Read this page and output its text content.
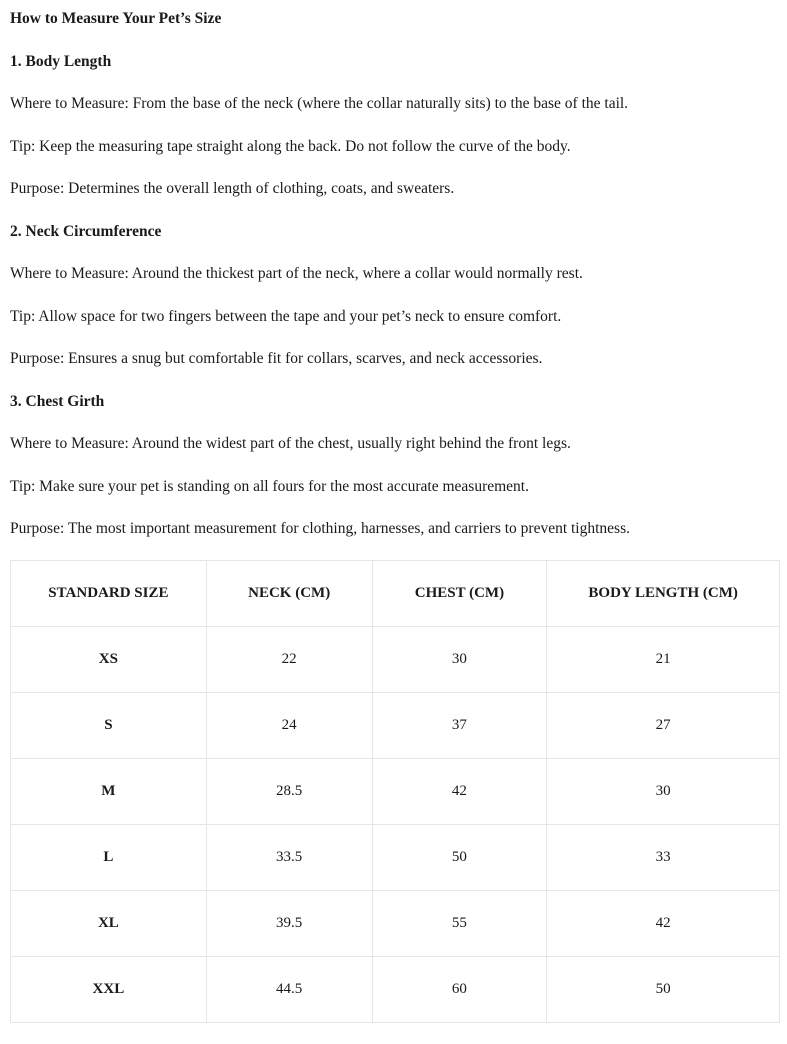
How to Measure Your Pet’s Size
1. Body Length
Where to Measure: From the base of the neck (where the collar naturally sits) to the base of the tail.
Tip: Keep the measuring tape straight along the back. Do not follow the curve of the body.
Purpose: Determines the overall length of clothing, coats, and sweaters.
2. Neck Circumference
Where to Measure: Around the thickest part of the neck, where a collar would normally rest.
Tip: Allow space for two fingers between the tape and your pet’s neck to ensure comfort.
Purpose: Ensures a snug but comfortable fit for collars, scarves, and neck accessories.
3. Chest Girth
Where to Measure: Around the widest part of the chest, usually right behind the front legs.
Tip: Make sure your pet is standing on all fours for the most accurate measurement.
Purpose: The most important measurement for clothing, harnesses, and carriers to prevent tightness.
STANDARD SIZE	NECK (CM)	CHEST (CM)	BODY LENGTH (CM)
XS	22	30	21
S	24	37	27
M	28.5	42	30
L	33.5	50	33
XL	39.5	55	42
XXL	44.5	60	50
